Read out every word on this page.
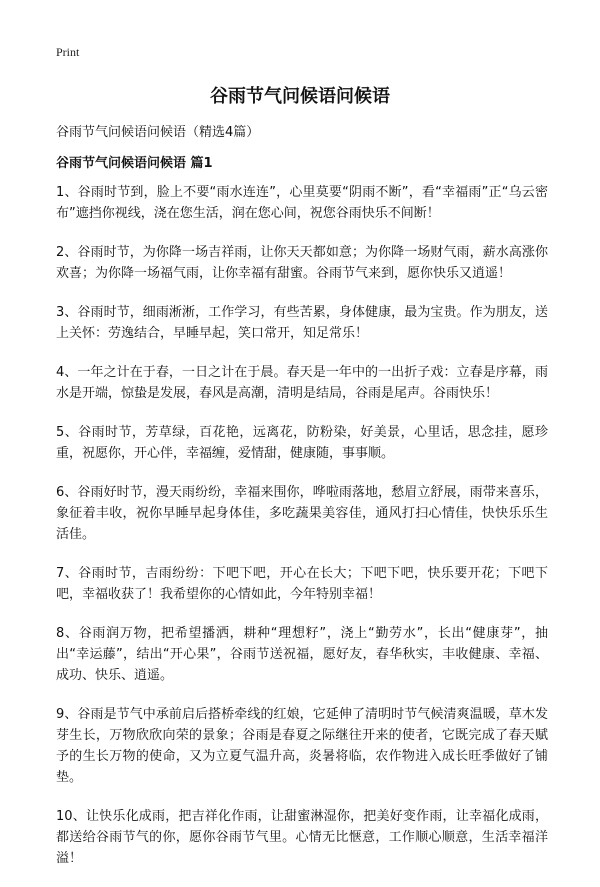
Print
谷雨节气问候语问候语
谷雨节气问候语问候语（精选4篇）
谷雨节气问候语问候语 篇1

1、谷雨时节到，脸上不要“雨水连连”，心里莫要“阴雨不断”，看“幸福雨”正“乌云密布”遮挡你视线，浇在您生活，润在您心间，祝您谷雨快乐不间断！

2、谷雨时节，为你降一场吉祥雨，让你天天都如意；为你降一场财气雨，薪水高涨你欢喜；为你降一场福气雨，让你幸福有甜蜜。谷雨节气来到，愿你快乐又逍遥！

3、谷雨时节，细雨淅淅，工作学习，有些苦累，身体健康，最为宝贵。作为朋友，送上关怀：劳逸结合，早睡早起，笑口常开，知足常乐！

4、一年之计在于春，一日之计在于晨。春天是一年中的一出折子戏：立春是序幕，雨水是开端，惊蛰是发展，春风是高潮，清明是结局，谷雨是尾声。谷雨快乐！

5、谷雨时节，芳草绿，百花艳，远离花，防粉染，好美景，心里话，思念挂，愿珍重，祝愿你，开心伴，幸福缠，爱情甜，健康随，事事顺。

6、谷雨好时节，漫天雨纷纷，幸福来围你，哗啦雨落地，愁眉立舒展，雨带来喜乐，象征着丰收，祝你早睡早起身体佳，多吃蔬果美容佳，通风打扫心情佳，快快乐乐生活佳。

7、谷雨时节，吉雨纷纷：下吧下吧，开心在长大；下吧下吧，快乐要开花；下吧下吧，幸福收获了！我希望你的心情如此，今年特别幸福！

8、谷雨润万物，把希望播洒，耕种“理想籽”，浇上“勤劳水”，长出“健康芽”，抽出“幸运藤”，结出“开心果”，谷雨节送祝福，愿好友，春华秋实，丰收健康、幸福、成功、快乐、逍遥。

9、谷雨是节气中承前启后搭桥牵线的红娘，它延伸了清明时节气候清爽温暖，草木发芽生长，万物欣欣向荣的景象；谷雨是春夏之际继往开来的使者，它既完成了春天赋予的生长万物的使命，又为立夏气温升高，炎暑将临，农作物进入成长旺季做好了铺垫。

10、让快乐化成雨，把吉祥化作雨，让甜蜜淋湿你，把美好变作雨，让幸福化成雨，都送给谷雨节气的你，愿你谷雨节气里。心情无比惬意，工作顺心顺意，生活幸福洋溢！
